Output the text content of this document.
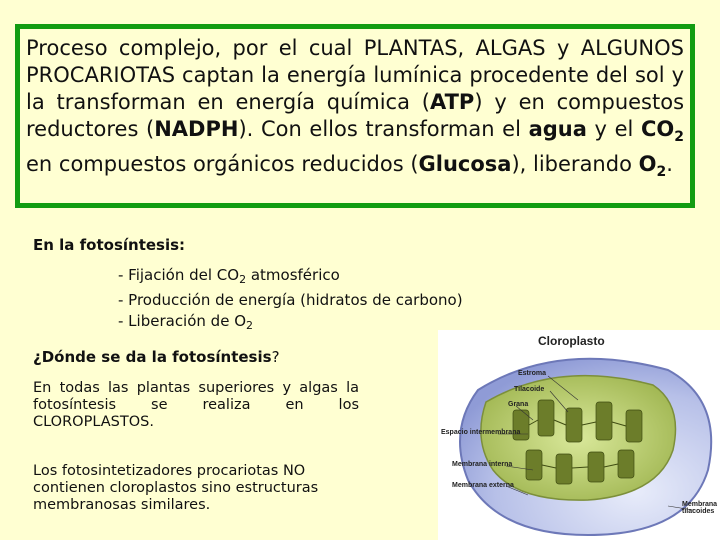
Proceso complejo, por el cual PLANTAS, ALGAS y ALGUNOS PROCARIOTAS captan la energía lumínica procedente del sol y la transforman en energía química (ATP) y en compuestos reductores (NADPH). Con ellos transforman el agua y el $CO_2$ en compuestos orgánicos reducidos (Glucosa), liberando $O_2$.

En la fotosíntesis:
- Fijación del $CO_2$ atmosférico
- Producción de energía (hidratos de carbono)
- Liberación de $O_2$
¿Dónde se da la fotosíntesis?
En todas las plantas superiores y algas la fotosíntesis se realiza en los CLOROPLASTOS.
Los fotosintetizadores procariotas NO contienen cloroplastos sino estructuras membranosas similares.
Cloroplasto
Estroma
Tilacoide
Grana
Espacio intermembrana
Membrana interna
Membrana externa
Membrana
tilacoides
